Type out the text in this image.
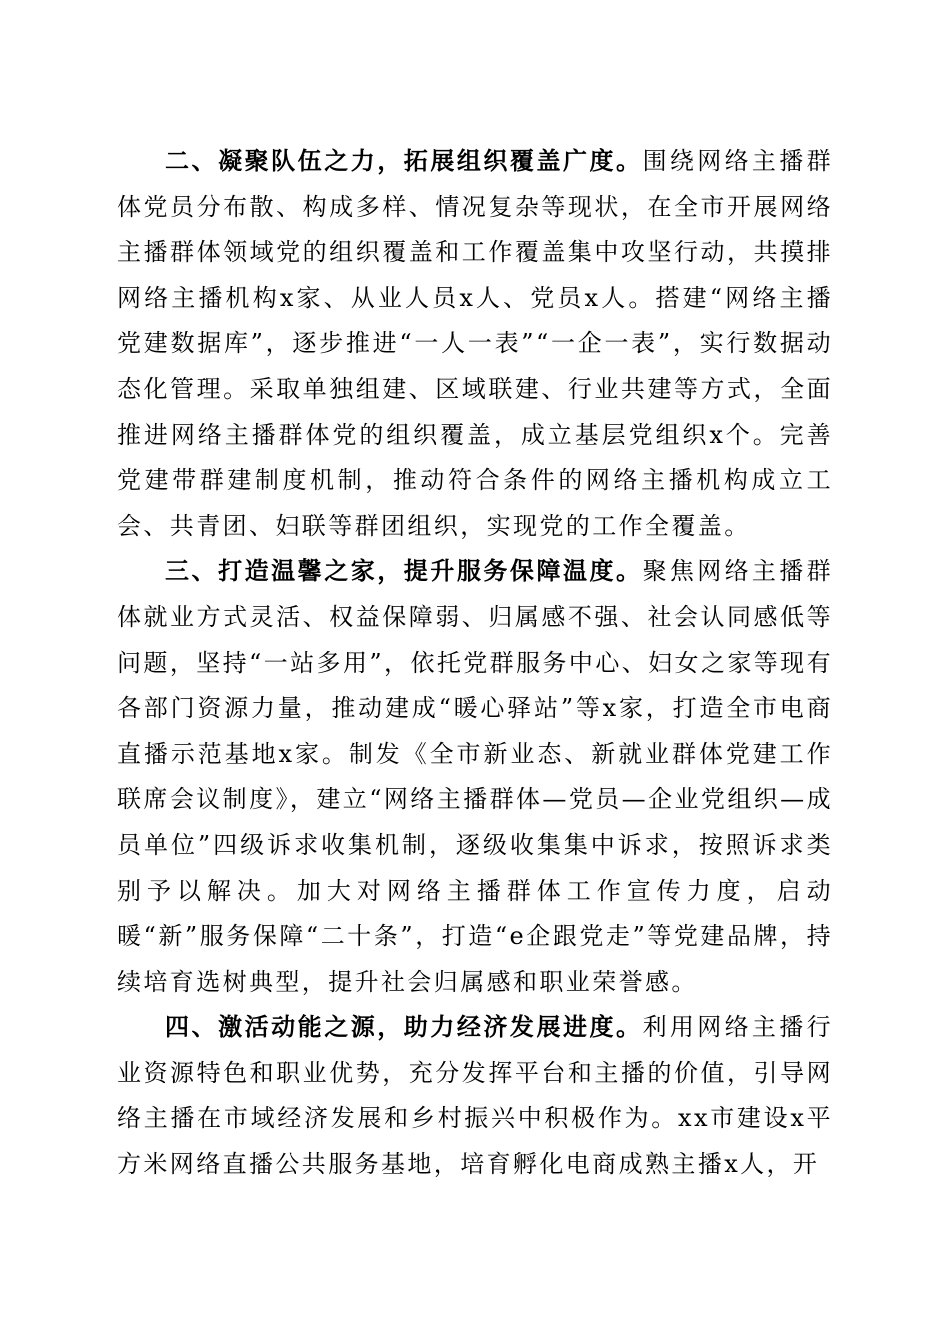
二、凝聚队伍之力，拓展组织覆盖广度。围绕网络主播群体党员分布散、构成多样、情况复杂等现状，在全市开展网络主播群体领域党的组织覆盖和工作覆盖集中攻坚行动，共摸排网络主播机构x家、从业人员x人、党员x人。搭建“网络主播党建数据库”，逐步推进“一人一表”“一企一表”，实行数据动态化管理。采取单独组建、区域联建、行业共建等方式，全面推进网络主播群体党的组织覆盖，成立基层党组织x个。完善党建带群建制度机制，推动符合条件的网络主播机构成立工会、共青团、妇联等群团组织，实现党的工作全覆盖。

三、打造温馨之家，提升服务保障温度。聚焦网络主播群体就业方式灵活、权益保障弱、归属感不强、社会认同感低等问题，坚持“一站多用”，依托党群服务中心、妇女之家等现有各部门资源力量，推动建成“暖心驿站”等x家，打造全市电商直播示范基地x家。制发《全市新业态、新就业群体党建工作联席会议制度》，建立“网络主播群体—党员—企业党组织—成员单位”四级诉求收集机制，逐级收集集中诉求，按照诉求类别予以解决。加大对网络主播群体工作宣传力度，启动暖“新”服务保障“二十条”，打造“e企跟党走”等党建品牌，持续培育选树典型，提升社会归属感和职业荣誉感。

四、激活动能之源，助力经济发展进度。利用网络主播行业资源特色和职业优势，充分发挥平台和主播的价值，引导网络主播在市域经济发展和乡村振兴中积极作为。xx市建设x平方米网络直播公共服务基地，培育孵化电商成熟主播x人，开
